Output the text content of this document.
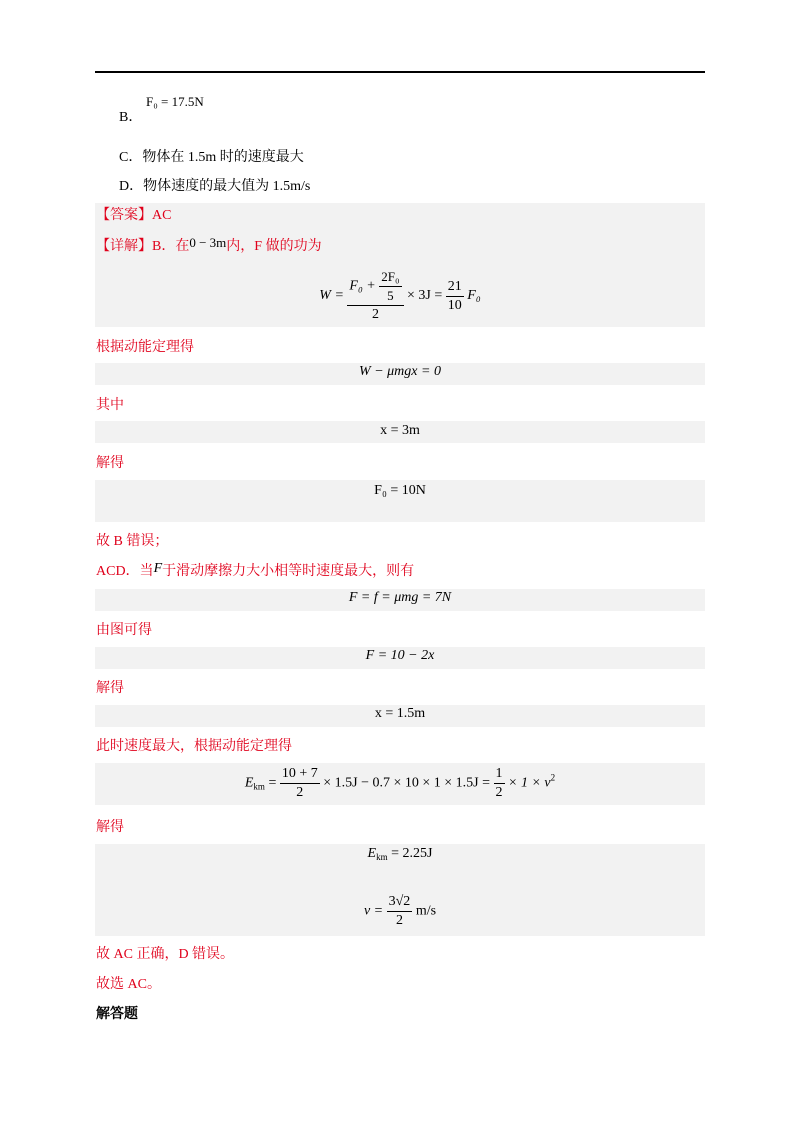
B．
F₀ = 17.5N
C．物体在 1.5m 时的速度最大
D．物体速度的最大值为 1.5m/s
【答案】AC
【详解】B．在0 − 3m内，F 做的功为
$W = \frac{F_0 + \frac{\text{2F₀}}{5}}{2} \times 3J = \frac{21}{10} F_0$
根据动能定理得
W − μmgx = 0
其中
x = 3m
解得
F₀ = 10N
故 B 错误；
ACD．当F于滑动摩擦力大小相等时速度最大，则有
F = f = μmg = 7N
由图可得
F = 10 − 2x
解得
x = 1.5m
此时速度最大，根据动能定理得
$E_{km} = \frac{10 + 7}{2} \times 1.5J - 0.7 \times 10 \times 1 \times 1.5J = \frac{1}{2} \times 1 \times v^2$
解得
$E_{km} = 2.25J$
$v = \frac{3√2}{2} m/s$
故 AC 正确，D 错误。
故选 AC。
解答题
